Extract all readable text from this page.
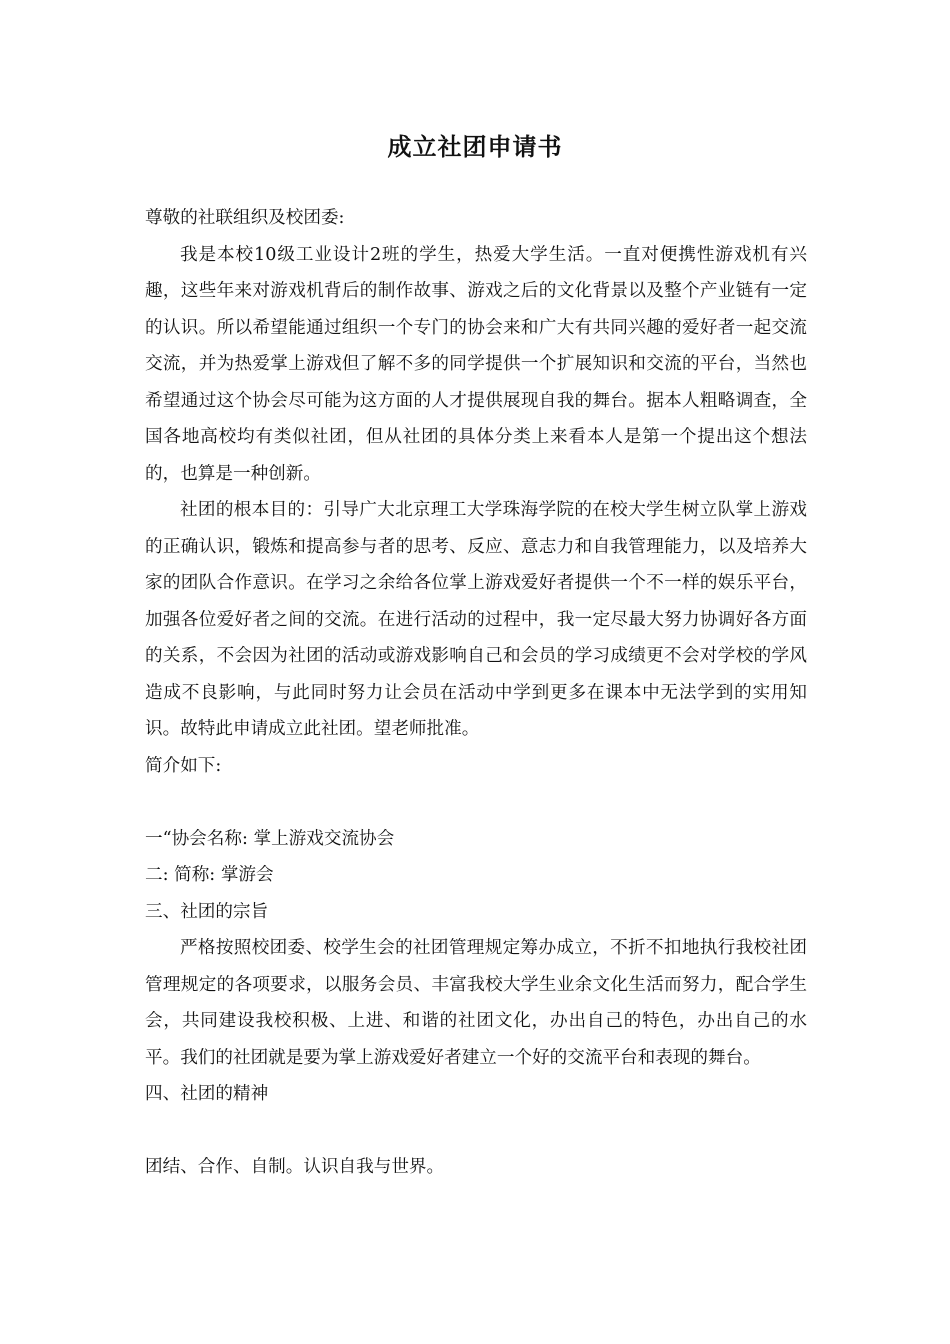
成立社团申请书

尊敬的社联组织及校团委:

我是本校10级工业设计2班的学生，热爱大学生活。一直对便携性游戏机有兴趣，这些年来对游戏机背后的制作故事、游戏之后的文化背景以及整个产业链有一定的认识。所以希望能通过组织一个专门的协会来和广大有共同兴趣的爱好者一起交流交流，并为热爱掌上游戏但了解不多的同学提供一个扩展知识和交流的平台，当然也希望通过这个协会尽可能为这方面的人才提供展现自我的舞台。据本人粗略调查，全国各地高校均有类似社团，但从社团的具体分类上来看本人是第一个提出这个想法的，也算是一种创新。

社团的根本目的：引导广大北京理工大学珠海学院的在校大学生树立队掌上游戏的正确认识，锻炼和提高参与者的思考、反应、意志力和自我管理能力，以及培养大家的团队合作意识。在学习之余给各位掌上游戏爱好者提供一个不一样的娱乐平台，加强各位爱好者之间的交流。在进行活动的过程中，我一定尽最大努力协调好各方面的关系，不会因为社团的活动或游戏影响自己和会员的学习成绩更不会对学校的学风造成不良影响，与此同时努力让会员在活动中学到更多在课本中无法学到的实用知识。故特此申请成立此社团。望老师批准。

简介如下:

一“协会名称: 掌上游戏交流协会

二: 简称: 掌游会

三、社团的宗旨

严格按照校团委、校学生会的社团管理规定筹办成立，不折不扣地执行我校社团管理规定的各项要求，以服务会员、丰富我校大学生业余文化生活而努力，配合学生会，共同建设我校积极、上进、和谐的社团文化，办出自己的特色，办出自己的水平。我们的社团就是要为掌上游戏爱好者建立一个好的交流平台和表现的舞台。

四、社团的精神

团结、合作、自制。认识自我与世界。
